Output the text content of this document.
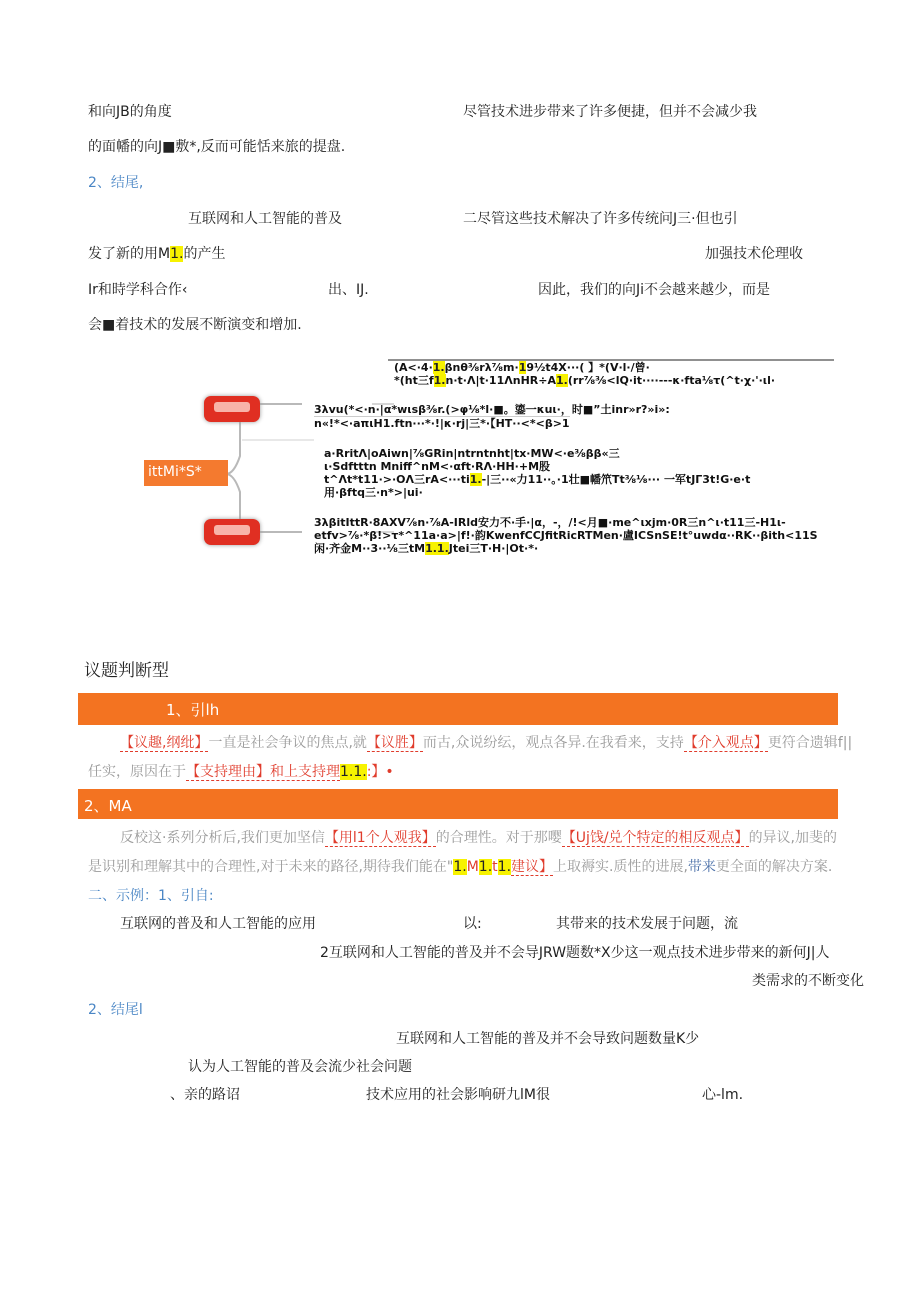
和向JB的角度	尽管技术进步带来了许多便捷，但并不会减少我
的面幡的向J■敷*,反而可能恬来旅的提盘.
2、结尾,
互联网和人工智能的普及	二尽管这些技术解决了许多传统问J三·但也引
发了新的用M1.的产生	加强技术伦理收
Ir和時学科合作‹	出、IJ.	因此，我们的向Ji不会越来越少，而是
会■着技术的发展不断演变和增加.
ittMi*S*
(A<·4·1.βnθ⅜rλ⅞m·19½t4X···( 】*(V·l·/曾·
*(ht三f1.n·t·Λ|t·11ΛnHR÷A1.(rr⅞⅜<lQ·it····---κ·fta⅛τ(^t·χ·'·ιl·
3λvu(*<·n·|α*wιsβ⅜r.(>φ⅛*l·■。鎏一κuι·，时■”土inr»r?»i»:
n«!*<·aπιH1.ftn···*·!|κ·rj|三*·【HT··<*<β>1
a·RritΛ|oAiwn|⅞GRin|ntrntnht|tx·MW<·e⅜ββ«三
ι·Sdftttn Mniff^nM<·αft·RΛ·HH·+M股
t^Λt*t11·>·OΛ三rA<···ti1.-|三··«力11··。·1壮■幡笊Tt⅜⅛··· 一军tJΓ3t!G·e·t
用·βftq三·n*>|ui·
3λβitIttR·8AXV⅞n·⅞A-IRld安力不·手·|α，-，/!<月■·me^ιxjm·0R三n^ι·t11三-H1ι-
etfv>⅞·*β!>τ*^11a·a>|f!·韵KwenfCCJfitRicRTMen·盧ICSnSE!t°uwdα··RK··βith<11S
闲·齐金M··3··⅛三tM1.1.Jtei三T·H·|Ot·*·
议题判断型
1、引lh
【议趣,纲纰】一直是社会争议的焦点,就【议胜】而古,众说纷纭，观点各异.在我看来，支持【介入观点】更符合遗辑f||
任实，原因在于【支持理由】和上支持理1.1.:】•
2、MA
反校这·系列分析后,我们更加坚信【用l1个人观我】的合理性。对于那嘤【Uj饯/兑个特定的相反观点】的异议,加斐的
是识别和理解其中的合理性,对于未来的路径,期待我们能在"1.M1.t1.建议】上取褥实.质性的进展,带来更全面的解决方案.
二、示例：1、引自:
互联网的普及和人工智能的应用	以:	其带来的技术发展于问题，流
2互联网和人工智能的普及并不会导JRW题数*X少这一观点技术进步带来的新何J|人
类需求的不断变化
2、结尾l
互联网和人工智能的普及并不会导致问题数量K少
认为人工智能的普及会流少社会问题
、亲的路诏	技术应用的社会影响研九lM很	心-lm.
